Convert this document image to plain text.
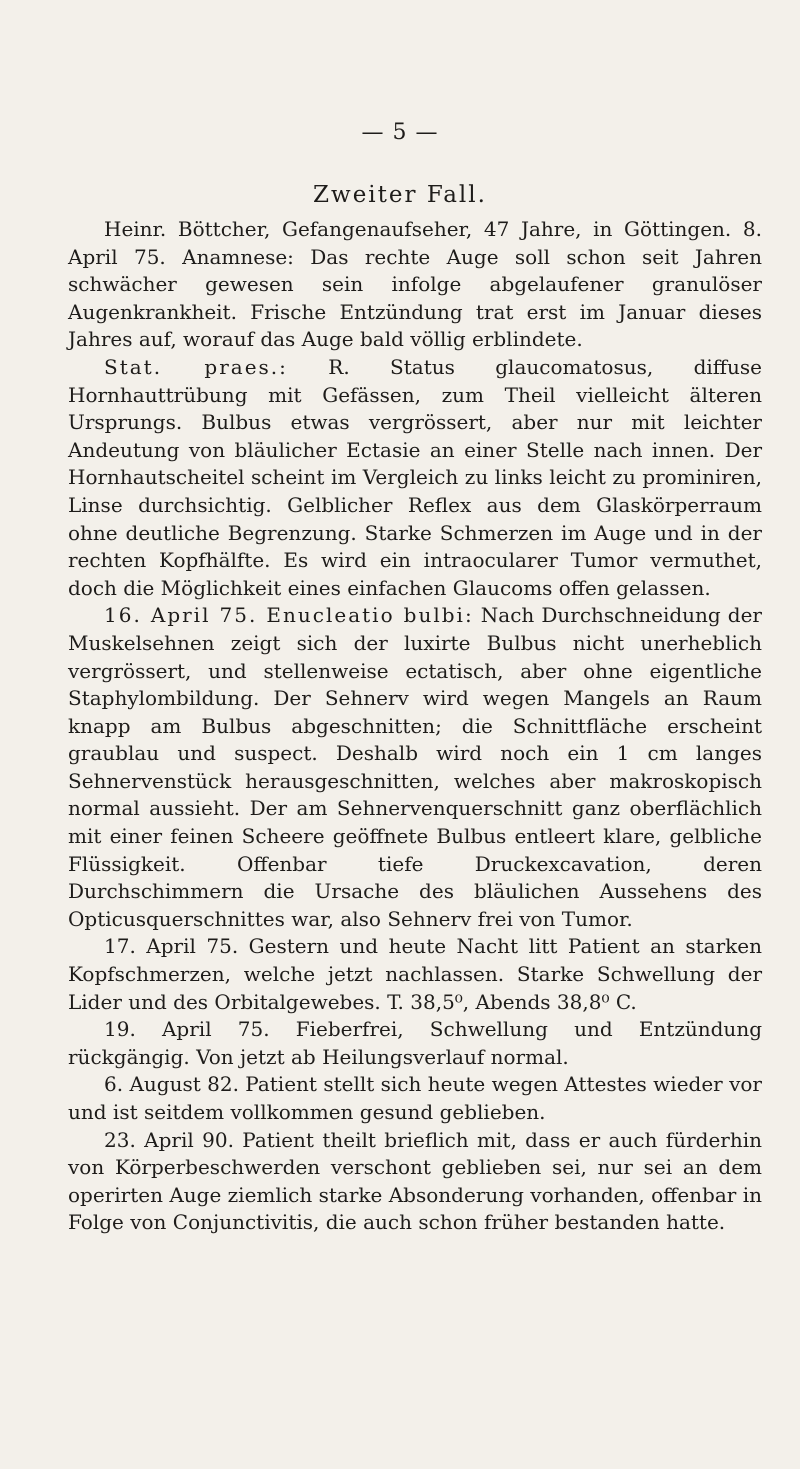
— 5 —
Zweiter Fall.

Heinr. Böttcher, Gefangenaufseher, 47 Jahre, in Göttingen. 8. April 75. Anamnese: Das rechte Auge soll schon seit Jahren schwächer gewesen sein infolge abgelaufener granulöser Augenkrankheit. Frische Entzündung trat erst im Januar dieses Jahres auf, worauf das Auge bald völlig erblindete.

Stat. praes.: R. Status glaucomatosus, diffuse Hornhauttrübung mit Gefässen, zum Theil vielleicht älteren Ursprungs. Bulbus etwas vergrössert, aber nur mit leichter Andeutung von bläulicher Ectasie an einer Stelle nach innen. Der Hornhautscheitel scheint im Vergleich zu links leicht zu prominiren, Linse durchsichtig. Gelblicher Reflex aus dem Glaskörperraum ohne deutliche Begrenzung. Starke Schmerzen im Auge und in der rechten Kopfhälfte. Es wird ein intraocularer Tumor vermuthet, doch die Möglichkeit eines einfachen Glaucoms offen gelassen.

16. April 75. Enucleatio bulbi: Nach Durchschneidung der Muskelsehnen zeigt sich der luxirte Bulbus nicht unerheblich vergrössert, und stellenweise ectatisch, aber ohne eigentliche Staphylombildung. Der Sehnerv wird wegen Mangels an Raum knapp am Bulbus abgeschnitten; die Schnittfläche erscheint graublau und suspect. Deshalb wird noch ein 1 cm langes Sehnervenstück herausgeschnitten, welches aber makroskopisch normal aussieht. Der am Sehnervenquerschnitt ganz oberflächlich mit einer feinen Scheere geöffnete Bulbus entleert klare, gelbliche Flüssigkeit. Offenbar tiefe Druckexcavation, deren Durchschimmern die Ursache des bläulichen Aussehens des Opticusquerschnittes war, also Sehnerv frei von Tumor.

17. April 75. Gestern und heute Nacht litt Patient an starken Kopfschmerzen, welche jetzt nachlassen. Starke Schwellung der Lider und des Orbitalgewebes. T. 38,5⁰, Abends 38,8⁰ C.

19. April 75. Fieberfrei, Schwellung und Entzündung rückgängig. Von jetzt ab Heilungsverlauf normal.

6. August 82. Patient stellt sich heute wegen Attestes wieder vor und ist seitdem vollkommen gesund geblieben.

23. April 90. Patient theilt brieflich mit, dass er auch fürderhin von Körperbeschwerden verschont geblieben sei, nur sei an dem operirten Auge ziemlich starke Absonderung vorhanden, offenbar in Folge von Conjunctivitis, die auch schon früher bestanden hatte.
